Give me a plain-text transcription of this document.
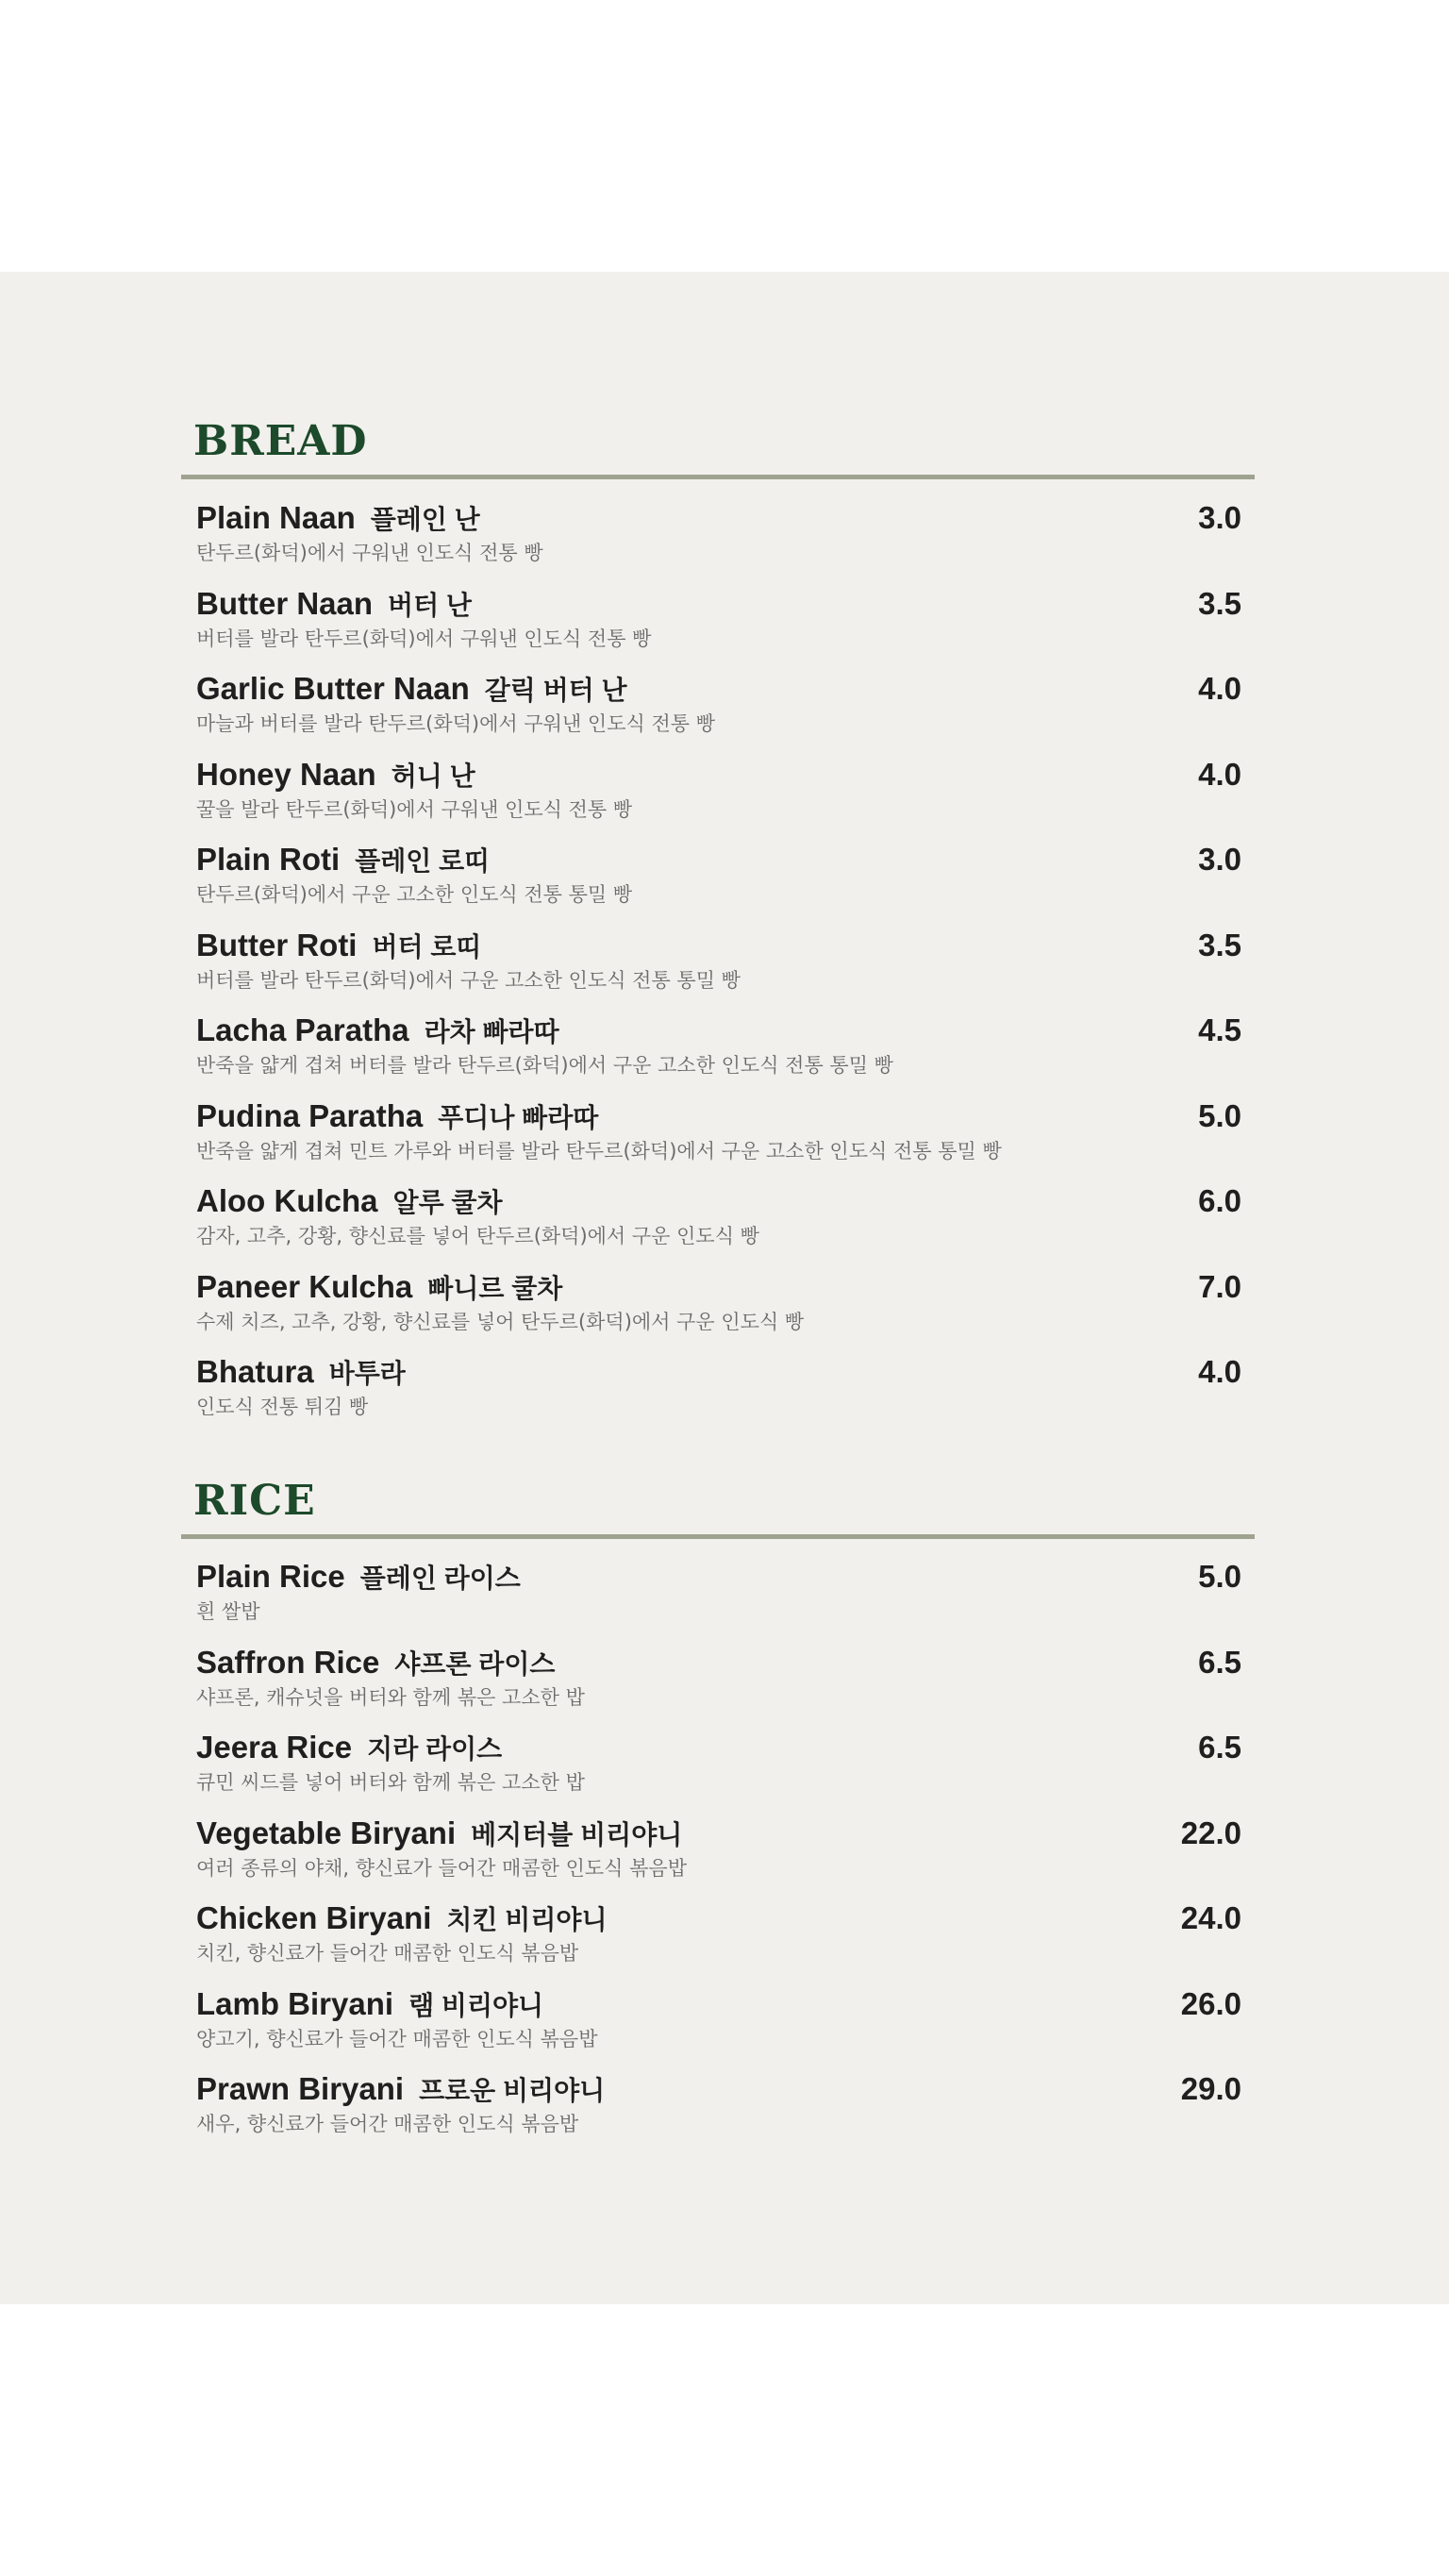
BREAD
Plain Naan 플레인 난
탄두르(화덕)에서 구워낸 인도식 전통 빵
3.0
Butter Naan 버터 난
버터를 발라 탄두르(화덕)에서 구워낸 인도식 전통 빵
3.5
Garlic Butter Naan 갈릭 버터 난
마늘과 버터를 발라 탄두르(화덕)에서 구워낸 인도식 전통 빵
4.0
Honey Naan 허니 난
꿀을 발라 탄두르(화덕)에서 구워낸 인도식 전통 빵
4.0
Plain Roti 플레인 로띠
탄두르(화덕)에서 구운 고소한 인도식 전통 통밀 빵
3.0
Butter Roti 버터 로띠
버터를 발라 탄두르(화덕)에서 구운 고소한 인도식 전통 통밀 빵
3.5
Lacha Paratha 라차 빠라따
반죽을 얇게 겹쳐 버터를 발라 탄두르(화덕)에서 구운 고소한 인도식 전통 통밀 빵
4.5
Pudina Paratha 푸디나 빠라따
반죽을 얇게 겹쳐 민트 가루와 버터를 발라 탄두르(화덕)에서 구운 고소한 인도식 전통 통밀 빵
5.0
Aloo Kulcha 알루 쿨차
감자, 고추, 강황, 향신료를 넣어 탄두르(화덕)에서 구운 인도식 빵
6.0
Paneer Kulcha 빠니르 쿨차
수제 치즈, 고추, 강황, 향신료를 넣어 탄두르(화덕)에서 구운 인도식 빵
7.0
Bhatura 바투라
인도식 전통 튀김 빵
4.0
RICE
Plain Rice 플레인 라이스
흰 쌀밥
5.0
Saffron Rice 샤프론 라이스
샤프론, 캐슈넛을 버터와 함께 볶은 고소한 밥
6.5
Jeera Rice 지라 라이스
큐민 씨드를 넣어 버터와 함께 볶은 고소한 밥
6.5
Vegetable Biryani 베지터블 비리야니
여러 종류의 야채, 향신료가 들어간 매콤한 인도식 볶음밥
22.0
Chicken Biryani 치킨 비리야니
치킨, 향신료가 들어간 매콤한 인도식 볶음밥
24.0
Lamb Biryani 램 비리야니
양고기, 향신료가 들어간 매콤한 인도식 볶음밥
26.0
Prawn Biryani 프로운 비리야니
새우, 향신료가 들어간 매콤한 인도식 볶음밥
29.0
